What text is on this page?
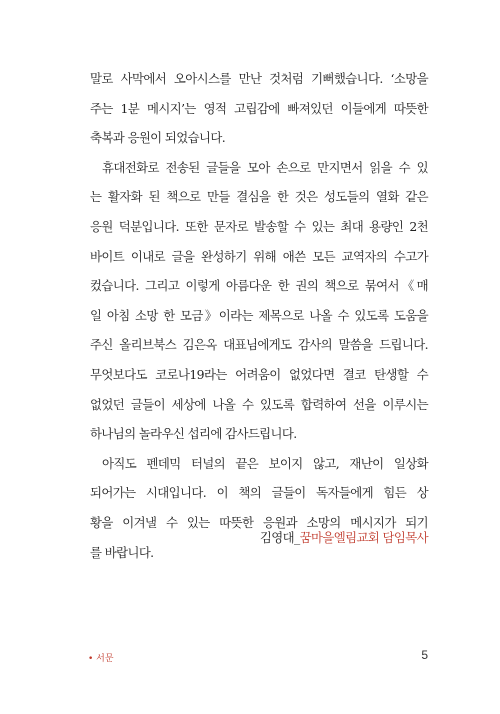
말로 사막에서 오아시스를 만난 것처럼 기뻐했습니다. ‘소망을
주는 1분 메시지’는 영적 고립감에 빠져있던 이들에게 따뜻한
축복과 응원이 되었습니다.
휴대전화로 전송된 글들을 모아 손으로 만지면서 읽을 수 있
는 활자화 된 책으로 만들 결심을 한 것은 성도들의 열화 같은
응원 덕분입니다. 또한 문자로 발송할 수 있는 최대 용량인 2천
바이트 이내로 글을 완성하기 위해 애쓴 모든 교역자의 수고가
컸습니다. 그리고 이렇게 아름다운 한 권의 책으로 묶여서《매
일 아침 소망 한 모금》이라는 제목으로 나올 수 있도록 도움을
주신 올리브북스 김은옥 대표님에게도 감사의 말씀을 드립니다.
무엇보다도 코로나19라는 어려움이 없었다면 결코 탄생할 수
없었던 글들이 세상에 나올 수 있도록 합력하여 선을 이루시는
하나님의 놀라우신 섭리에 감사드립니다.
아직도 펜데믹 터널의 끝은 보이지 않고, 재난이 일상화
되어가는 시대입니다. 이 책의 글들이 독자들에게 힘든 상
황을 이겨낼 수 있는 따뜻한 응원과 소망의 메시지가 되기
를 바랍니다.
김영대_꿈마을엘림교회 담임목사
• 서문	5
